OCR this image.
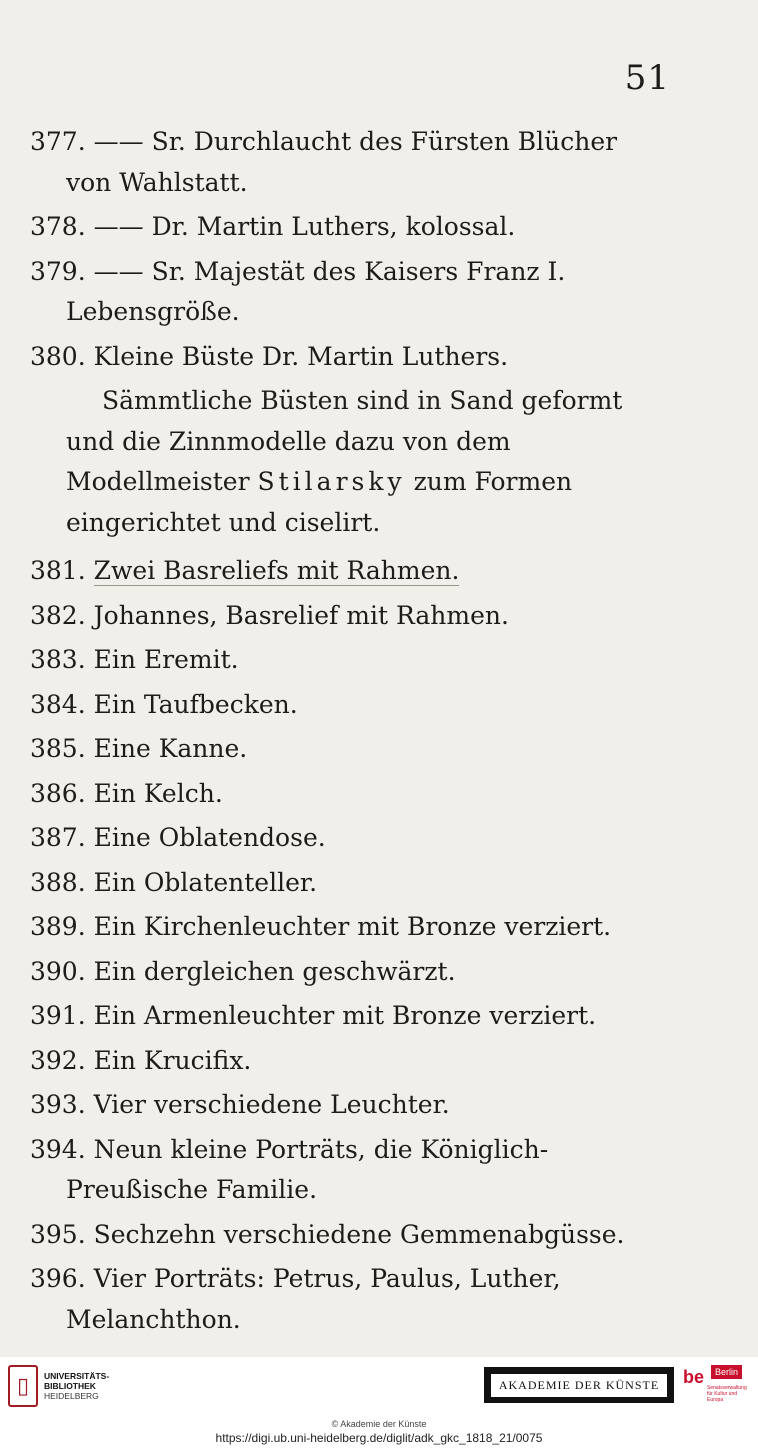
51

377. —— Sr. Durchlaucht des Fürsten Blücher von Wahlstatt.

378. —— Dr. Martin Luthers, kolossal.

379. —— Sr. Majestät des Kaisers Franz I. Lebensgröße.

380. Kleine Büste Dr. Martin Luthers.

Sämmtliche Büsten sind in Sand geformt und die Zinnmodelle dazu von dem Modellmeister Stilarsky zum Formen eingerichtet und ciselirt.

381. Zwei Basreliefs mit Rahmen.

382. Johannes, Basrelief mit Rahmen.

383. Ein Eremit.

384. Ein Taufbecken.

385. Eine Kanne.

386. Ein Kelch.

387. Eine Oblatendose.

388. Ein Oblatenteller.

389. Ein Kirchenleuchter mit Bronze verziert.

390. Ein dergleichen geschwärzt.

391. Ein Armenleuchter mit Bronze verziert.

392. Ein Krucifix.

393. Vier verschiedene Leuchter.

394. Neun kleine Porträts, die Königlich-Preußische Familie.

395. Sechzehn verschiedene Gemmenabgüsse.

396. Vier Porträts: Petrus, Paulus, Luther, Melanchthon.

▯	UNIVERSITÄTS-
BIBLIOTHEK
HEIDELBERG
AKADEMIE DER KÜNSTE	be	Berlin
Senatsverwaltung für Kultur und Europa
© Akademie der Künste
https://digi.ub.uni-heidelberg.de/diglit/adk_gkc_1818_21/0075
